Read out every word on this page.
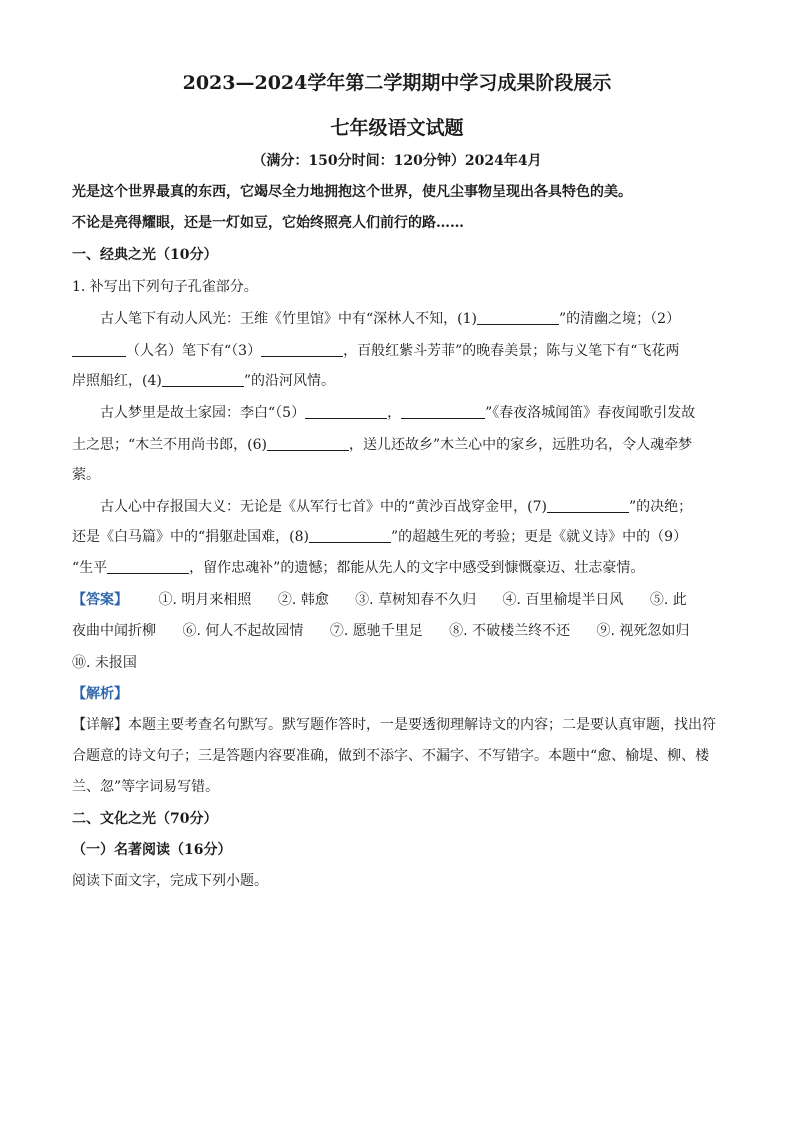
2023—2024学年第二学期期中学习成果阶段展示
七年级语文试题
（满分：150分时间：120分钟）2024年4月
光是这个世界最真的东西，它竭尽全力地拥抱这个世界，使凡尘事物呈现出各具特色的美。
不论是亮得耀眼，还是一灯如豆，它始终照亮人们前行的路……
一、经典之光（10分）
1. 补写出下列句子孔雀部分。
古人笔下有动人风光：王维《竹里馆》中有“深林人不知，(1)	”的清幽之境；（2）
（人名）笔下有“（3）	，百般红紫斗芳菲”的晚春美景；陈与义笔下有“飞花两
岸照船红，(4)	”的沿河风情。
古人梦里是故土家园：李白“（5）	，	”《春夜洛城闻笛》春夜闻歌引发故
土之思；“木兰不用尚书郎，(6)	，送儿还故乡”木兰心中的家乡，远胜功名，令人魂牵梦
萦。
古人心中存报国大义：无论是《从军行七首》中的“黄沙百战穿金甲，(7)	”的决绝；
还是《白马篇》中的“捐躯赴国难，(8)	”的超越生死的考验；更是《就义诗》中的（9）
“生平	，留作忠魂补”的遗憾；都能从先人的文字中感受到慷慨豪迈、壮志豪情。
【答案】 ①. 明月来相照 ②. 韩愈 ③. 草树知春不久归 ④. 百里榆堤半日风 ⑤. 此
夜曲中闻折柳 ⑥. 何人不起故园情 ⑦. 愿驰千里足 ⑧. 不破楼兰终不还 ⑨. 视死忽如归
⑩. 未报国
【解析】
【详解】本题主要考查名句默写。默写题作答时，一是要透彻理解诗文的内容；二是要认真审题，找出符
合题意的诗文句子；三是答题内容要准确，做到不添字、不漏字、不写错字。本题中“愈、榆堤、柳、楼
兰、忽”等字词易写错。
二、文化之光（70分）
（一）名著阅读（16分）
阅读下面文字，完成下列小题。
